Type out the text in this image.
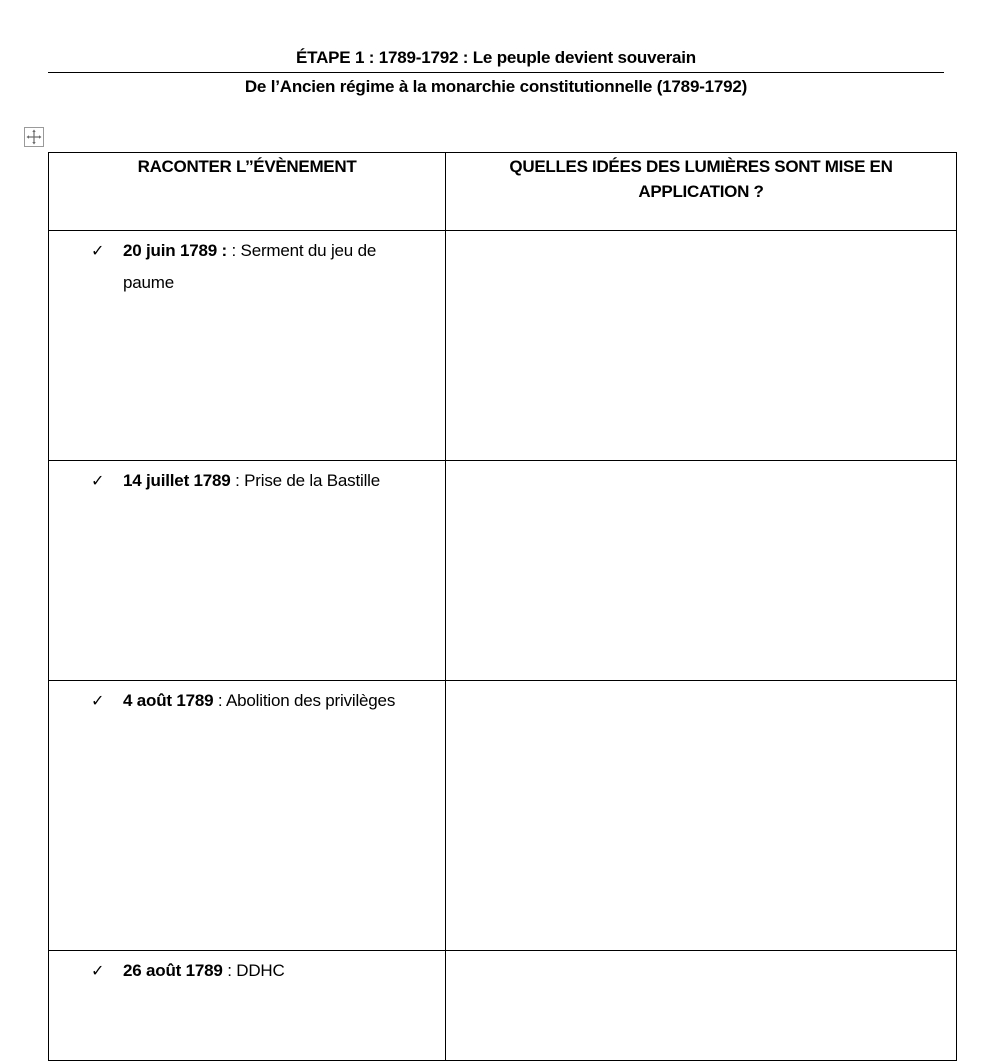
ÉTAPE 1 : 1789-1792 : Le peuple devient souverain
De l’Ancien régime à la monarchie constitutionnelle (1789-1792)
RACONTER L’’ÉVÈNEMENT	QUELLES IDÉES DES LUMIÈRES SONT MISE EN APPLICATION ?

✓ 20 juin 1789 : : Serment du jeu de paume	

✓ 14 juillet 1789 : Prise de la Bastille	

✓ 4 août 1789 : Abolition des privilèges	

✓ 26 août 1789 : DDHC	
